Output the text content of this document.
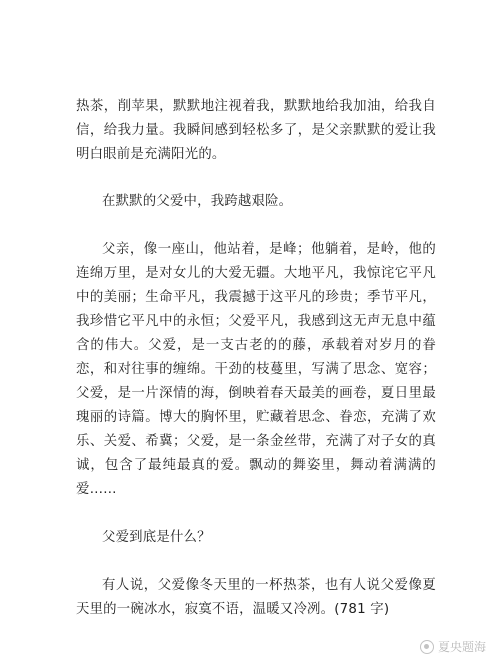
热茶，削苹果，默默地注视着我，默默地给我加油，给我自信，给我力量。我瞬间感到轻松多了，是父亲默默的爱让我明白眼前是充满阳光的。

在默默的父爱中，我跨越艰险。

父亲，像一座山，他站着，是峰；他躺着，是岭，他的连绵万里，是对女儿的大爱无疆。大地平凡，我惊诧它平凡中的美丽；生命平凡，我震撼于这平凡的珍贵；季节平凡，我珍惜它平凡中的永恒；父爱平凡，我感到这无声无息中蕴含的伟大。父爱，是一支古老的的藤，承载着对岁月的眷恋，和对往事的缠绵。干劲的枝蔓里，写满了思念、宽容；父爱，是一片深情的海，倒映着春天最美的画卷，夏日里最瑰丽的诗篇。博大的胸怀里，贮藏着思念、眷恋，充满了欢乐、关爱、希冀；父爱，是一条金丝带，充满了对子女的真诚，包含了最纯最真的爱。飘动的舞姿里，舞动着满满的爱……

父爱到底是什么？

有人说，父爱像冬天里的一杯热茶，也有人说父爱像夏天里的一碗冰水，寂寞不语，温暖又冷冽。(781 字)

夏央题海
